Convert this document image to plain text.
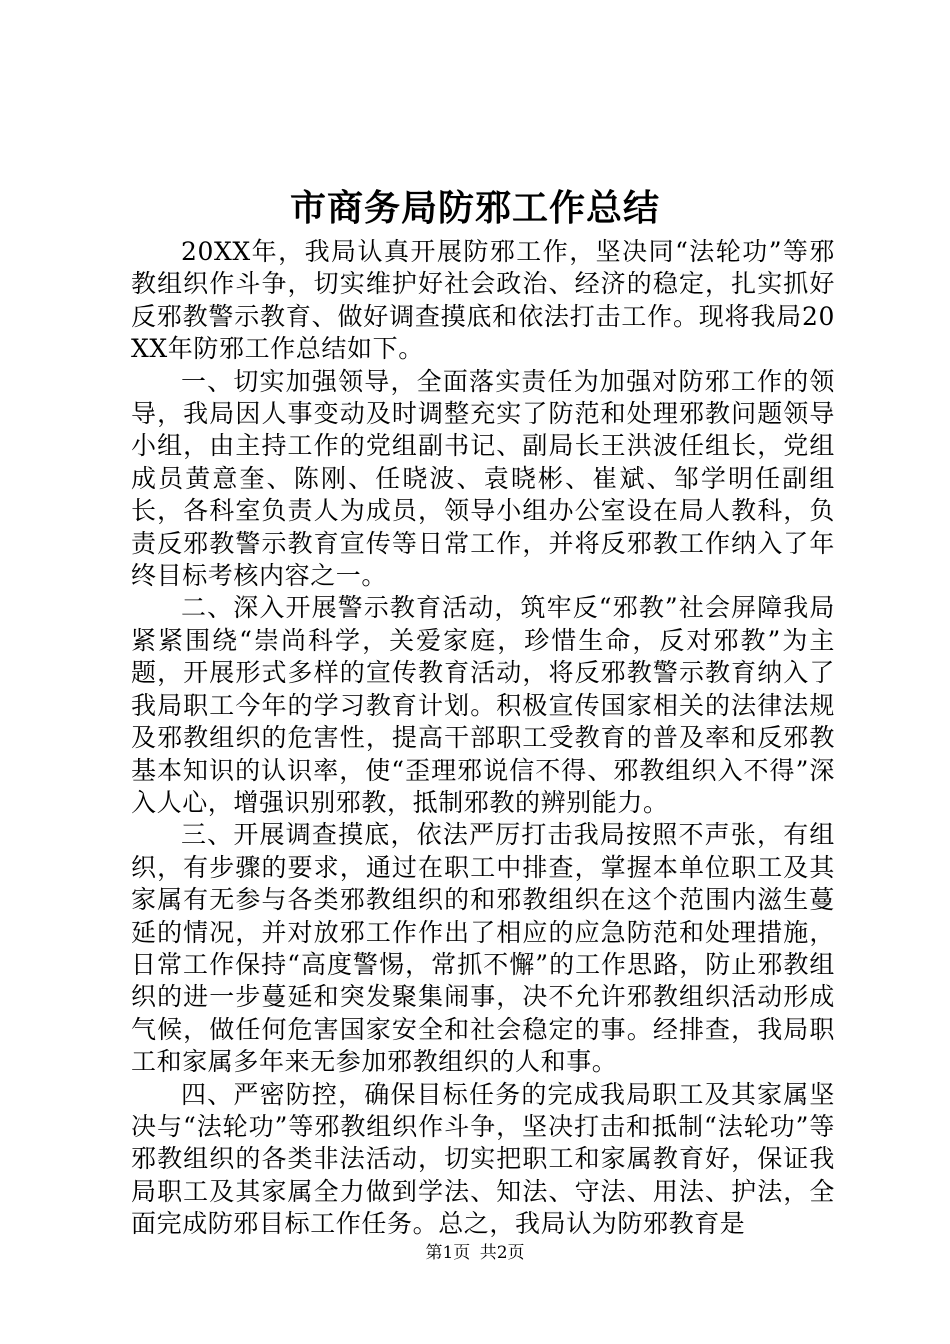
市商务局防邪工作总结

20XX年，我局认真开展防邪工作，坚决同“法轮功”等邪教组织作斗争，切实维护好社会政治、经济的稳定，扎实抓好反邪教警示教育、做好调查摸底和依法打击工作。现将我局20XX年防邪工作总结如下。

一、切实加强领导，全面落实责任为加强对防邪工作的领导，我局因人事变动及时调整充实了防范和处理邪教问题领导小组，由主持工作的党组副书记、副局长王洪波任组长，党组成员黄意奎、陈刚、任晓波、袁晓彬、崔斌、邹学明任副组长，各科室负责人为成员，领导小组办公室设在局人教科，负责反邪教警示教育宣传等日常工作，并将反邪教工作纳入了年终目标考核内容之一。

二、深入开展警示教育活动，筑牢反“邪教”社会屏障我局紧紧围绕“崇尚科学，关爱家庭，珍惜生命，反对邪教”为主题，开展形式多样的宣传教育活动，将反邪教警示教育纳入了我局职工今年的学习教育计划。积极宣传国家相关的法律法规及邪教组织的危害性，提高干部职工受教育的普及率和反邪教基本知识的认识率，使“歪理邪说信不得、邪教组织入不得”深入人心，增强识别邪教，抵制邪教的辨别能力。

三、开展调查摸底，依法严厉打击我局按照不声张，有组织，有步骤的要求，通过在职工中排查，掌握本单位职工及其家属有无参与各类邪教组织的和邪教组织在这个范围内滋生蔓延的情况，并对放邪工作作出了相应的应急防范和处理措施，日常工作保持“高度警惕，常抓不懈”的工作思路，防止邪教组织的进一步蔓延和突发聚集闹事，决不允许邪教组织活动形成气候，做任何危害国家安全和社会稳定的事。经排查，我局职工和家属多年来无参加邪教组织的人和事。

四、严密防控，确保目标任务的完成我局职工及其家属坚决与“法轮功”等邪教组织作斗争，坚决打击和抵制“法轮功”等邪教组织的各类非法活动，切实把职工和家属教育好，保证我局职工及其家属全力做到学法、知法、守法、用法、护法，全面完成防邪目标工作任务。总之，我局认为防邪教育是

第1页 共2页
